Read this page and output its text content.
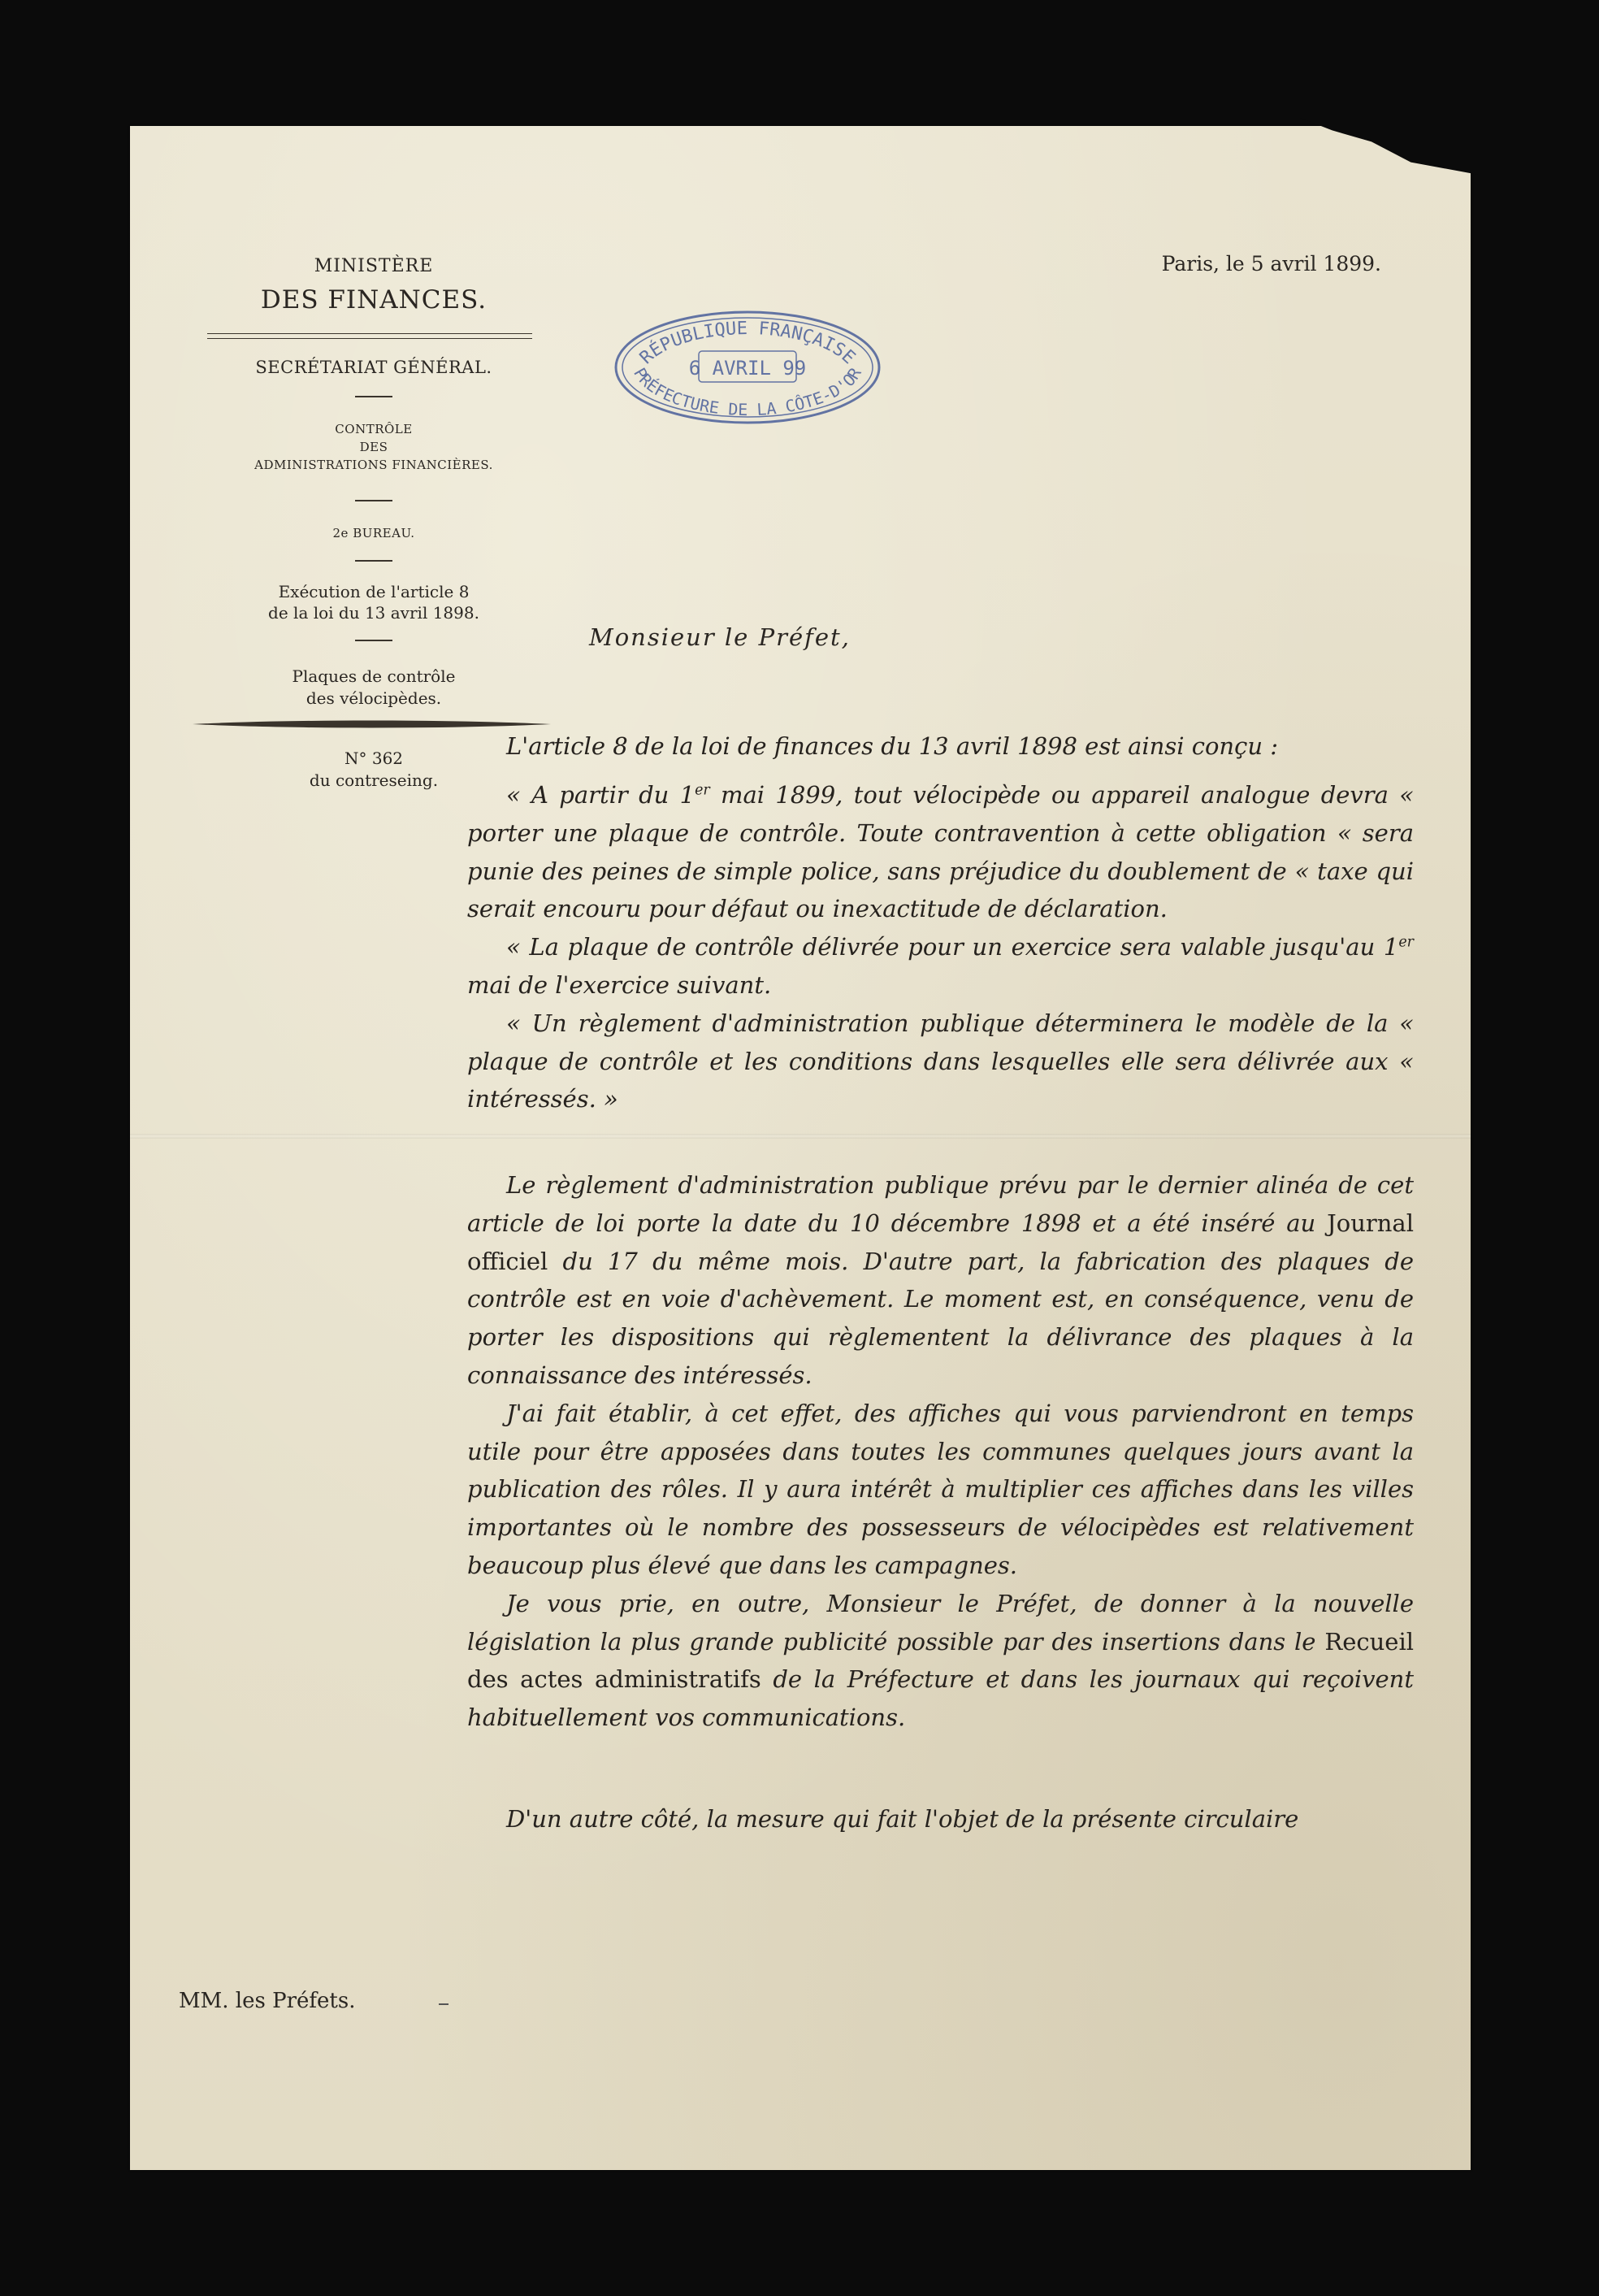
MINISTÈRE
DES FINANCES.
SECRÉTARIAT GÉNÉRAL.
CONTRÔLE
DES
ADMINISTRATIONS FINANCIÈRES.
2e BUREAU.
Exécution de l'article 8
de la loi du 13 avril 1898.
Plaques de contrôle
des vélocipèdes.
N° 362
du contreseing.
MM. les Préfets.
Paris, le 5 avril 1899.
RÉPUBLIQUE FRANÇAISE
6 AVRIL 99
PRÉFECTURE DE LA CÔTE-D'OR
Monsieur le Préfet,

L'article 8 de la loi de finances du 13 avril 1898 est ainsi conçu :

« A partir du 1er mai 1899, tout vélocipède ou appareil analogue devra « porter une plaque de contrôle. Toute contravention à cette obligation « sera punie des peines de simple police, sans préjudice du doublement de « taxe qui serait encouru pour défaut ou inexactitude de déclaration.

« La plaque de contrôle délivrée pour un exercice sera valable jusqu'au 1er mai de l'exercice suivant.

« Un règlement d'administration publique déterminera le modèle de la « plaque de contrôle et les conditions dans lesquelles elle sera délivrée aux « intéressés. »

Le règlement d'administration publique prévu par le dernier alinéa de cet article de loi porte la date du 10 décembre 1898 et a été inséré au Journal officiel du 17 du même mois. D'autre part, la fabrication des plaques de contrôle est en voie d'achèvement. Le moment est, en conséquence, venu de porter les dispositions qui règlementent la délivrance des plaques à la connaissance des intéressés.

J'ai fait établir, à cet effet, des affiches qui vous parviendront en temps utile pour être apposées dans toutes les communes quelques jours avant la publication des rôles. Il y aura intérêt à multiplier ces affiches dans les villes importantes où le nombre des possesseurs de vélocipèdes est relativement beaucoup plus élevé que dans les campagnes.

Je vous prie, en outre, Monsieur le Préfet, de donner à la nouvelle législation la plus grande publicité possible par des insertions dans le Recueil des actes administratifs de la Préfecture et dans les journaux qui reçoivent habituellement vos communications.

D'un autre côté, la mesure qui fait l'objet de la présente circulaire
